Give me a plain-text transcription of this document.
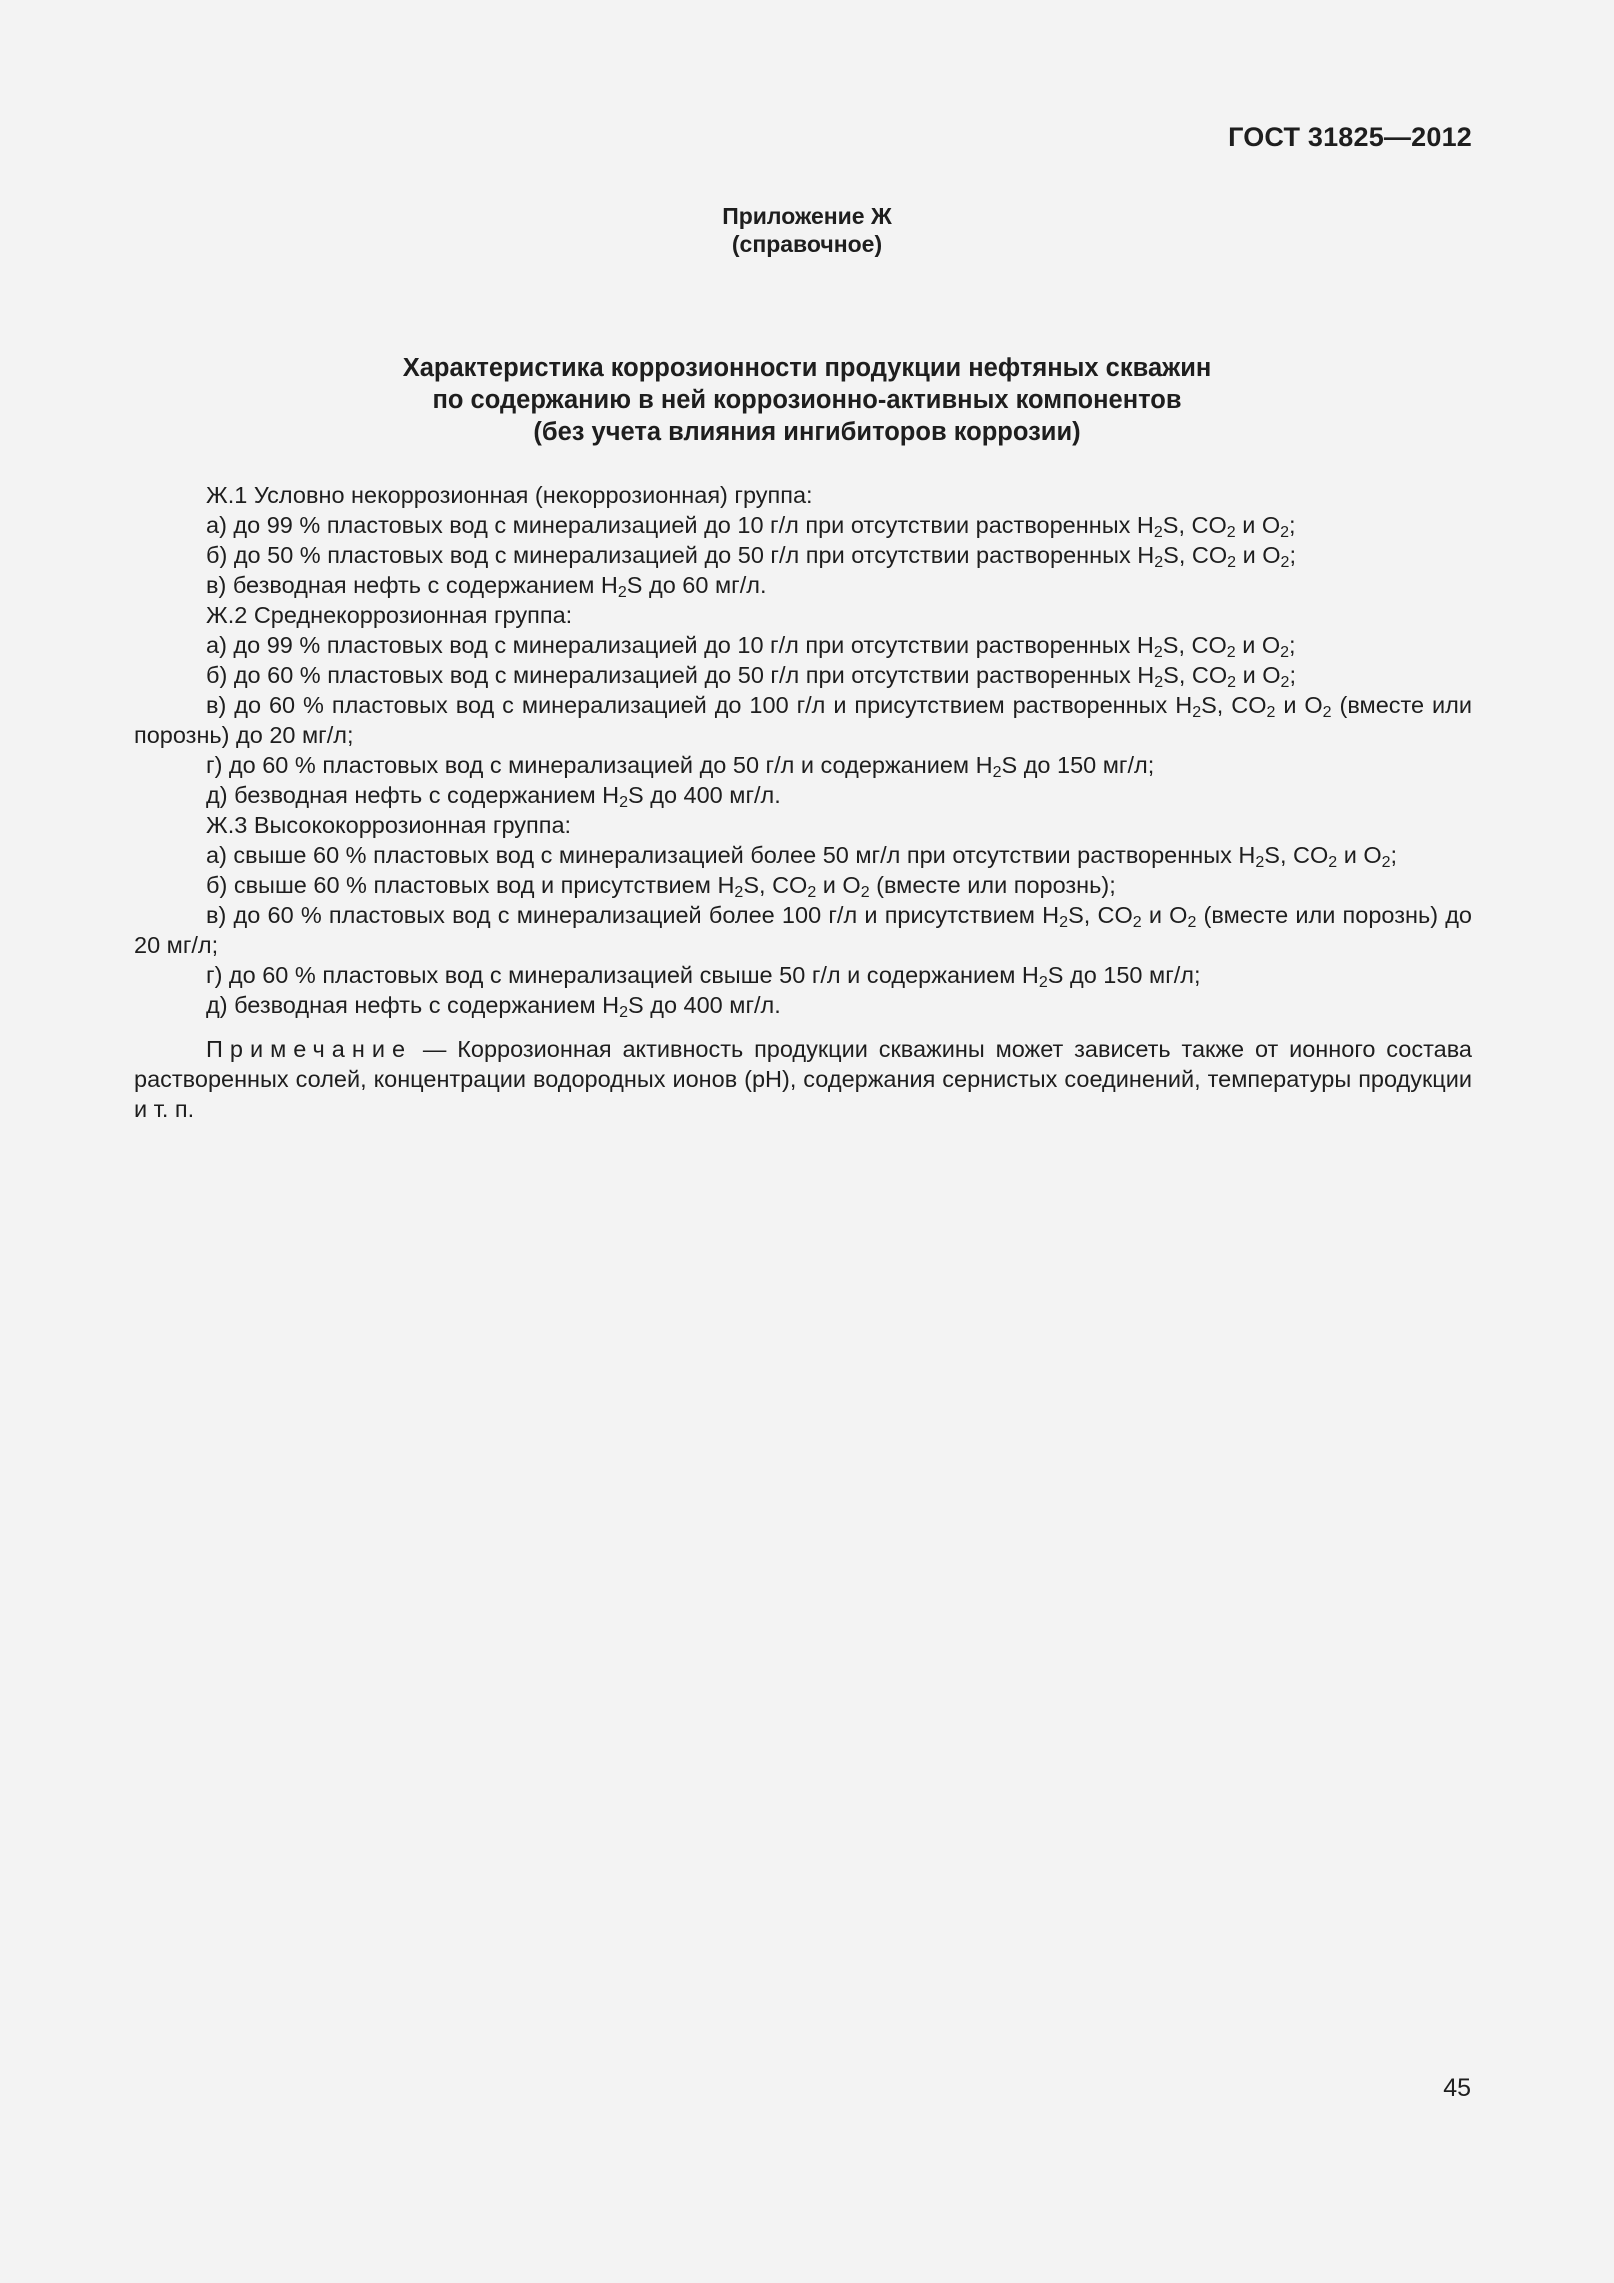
ГОСТ 31825—2012
Приложение Ж
(справочное)
Характеристика коррозионности продукции нефтяных скважин
по содержанию в ней коррозионно-активных компонентов
(без учета влияния ингибиторов коррозии)

Ж.1 Условно некоррозионная (некоррозионная) группа:

а) до 99 % пластовых вод с минерализацией до 10 г/л при отсутствии растворенных $H_2S$, $CO_2$ и $O_2$;

б) до 50 % пластовых вод с минерализацией до 50 г/л при отсутствии растворенных $H_2S$, $CO_2$ и $O_2$;

в) безводная нефть с содержанием $H_2S$ до 60 мг/л.

Ж.2 Среднекоррозионная группа:

а) до 99 % пластовых вод с минерализацией до 10 г/л при отсутствии растворенных $H_2S$, $CO_2$ и $O_2$;

б) до 60 % пластовых вод с минерализацией до 50 г/л при отсутствии растворенных $H_2S$, $CO_2$ и $O_2$;

в) до 60 % пластовых вод с минерализацией до 100 г/л и присутствием растворенных $H_2S$, $CO_2$ и $O_2$ (вместе или порознь) до 20 мг/л;

г) до 60 % пластовых вод с минерализацией до 50 г/л и содержанием $H_2S$ до 150 мг/л;

д) безводная нефть с содержанием $H_2S$ до 400 мг/л.

Ж.3 Высококоррозионная группа:

а) свыше 60 % пластовых вод с минерализацией более 50 мг/л при отсутствии растворенных $H_2S$, $CO_2$ и $O_2$;

б) свыше 60 % пластовых вод и присутствием $H_2S$, $CO_2$ и $O_2$ (вместе или порознь);

в) до 60 % пластовых вод с минерализацией более 100 г/л и присутствием $H_2S$, $CO_2$ и $O_2$ (вместе или порознь) до 20 мг/л;

г) до 60 % пластовых вод с минерализацией свыше 50 г/л и содержанием $H_2S$ до 150 мг/л;

д) безводная нефть с содержанием $H_2S$ до 400 мг/л.

Примечание — Коррозионная активность продукции скважины может зависеть также от ионного состава растворенных солей, концентрации водородных ионов (pH), содержания сернистых соединений, температуры продукции и т. п.

45
